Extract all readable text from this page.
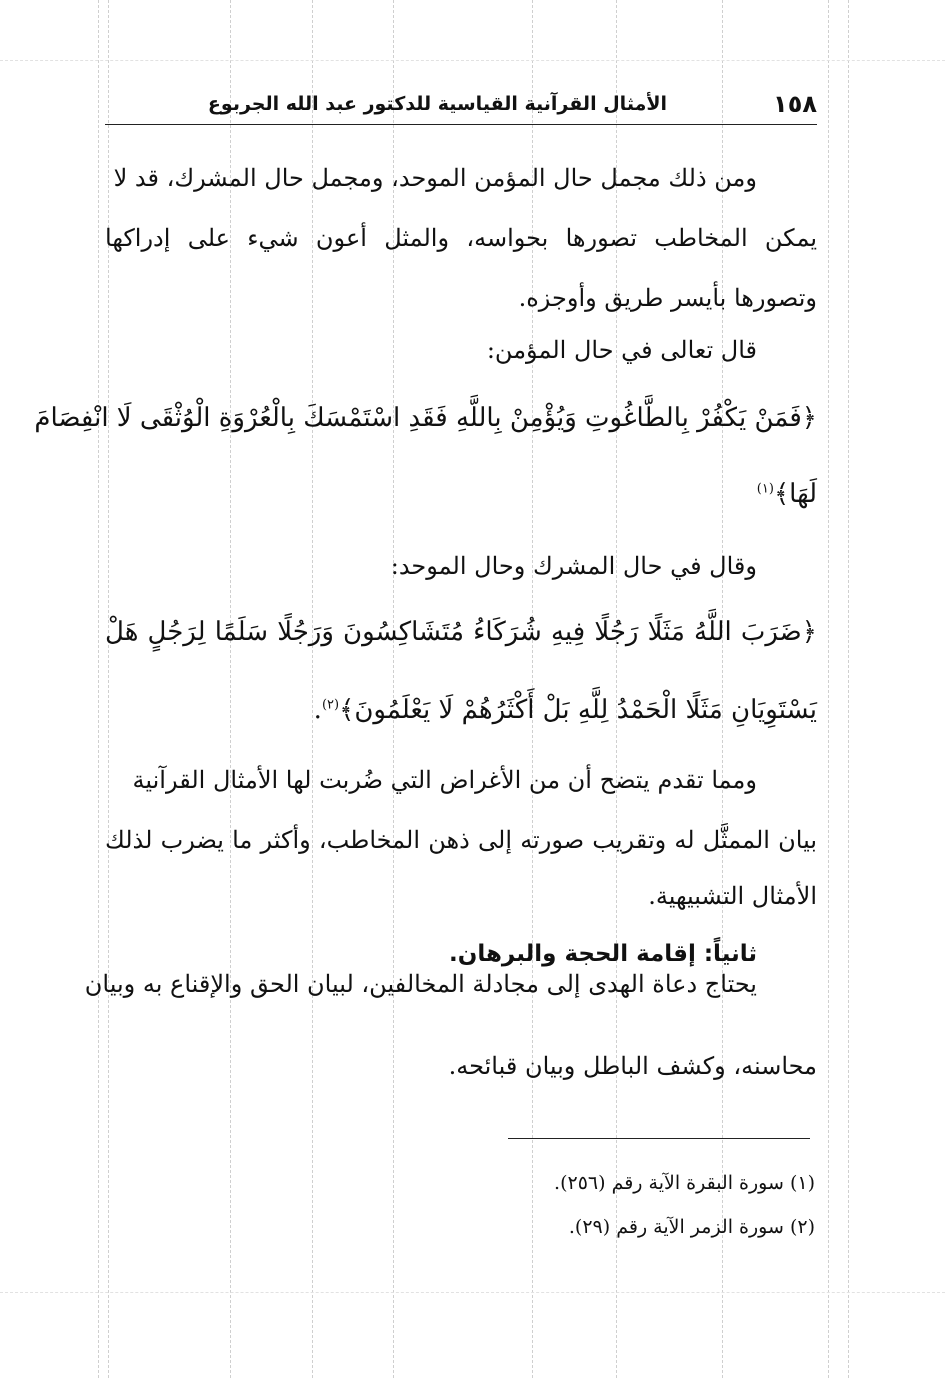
١٥٨
الأمثال القرآنية القياسية للدكتور عبد الله الجربوع
ومن ذلك مجمل حال المؤمن الموحد، ومجمل حال المشرك، قد لا
يمكن المخاطب تصورها بحواسه، والمثل أعون شيء على إدراكها
وتصورها بأيسر طريق وأوجزه.
قال تعالى في حال المؤمن:
﴿فَمَنْ يَكْفُرْ بِالطَّاغُوتِ وَيُؤْمِنْ بِاللَّهِ فَقَدِ اسْتَمْسَكَ بِالْعُرْوَةِ الْوُثْقَى لَا انْفِصَامَ
لَهَا﴾$^{(١)}$
وقال في حال المشرك وحال الموحد:
﴿ضَرَبَ اللَّهُ مَثَلًا رَجُلًا فِيهِ شُرَكَاءُ مُتَشَاكِسُونَ وَرَجُلًا سَلَمًا لِرَجُلٍ هَلْ
يَسْتَوِيَانِ مَثَلًا الْحَمْدُ لِلَّهِ بَلْ أَكْثَرُهُمْ لَا يَعْلَمُونَ﴾$^{(٢)}$.
ومما تقدم يتضح أن من الأغراض التي ضُربت لها الأمثال القرآنية
بيان الممثَّل له وتقريب صورته إلى ذهن المخاطب، وأكثر ما يضرب لذلك
الأمثال التشبيهية.
ثانياً: إقامة الحجة والبرهان.
يحتاج دعاة الهدى إلى مجادلة المخالفين، لبيان الحق والإقناع به وبيان
محاسنه، وكشف الباطل وبيان قبائحه.
(١) سورة البقرة الآية رقم (٢٥٦).
(٢) سورة الزمر الآية رقم (٢٩).
